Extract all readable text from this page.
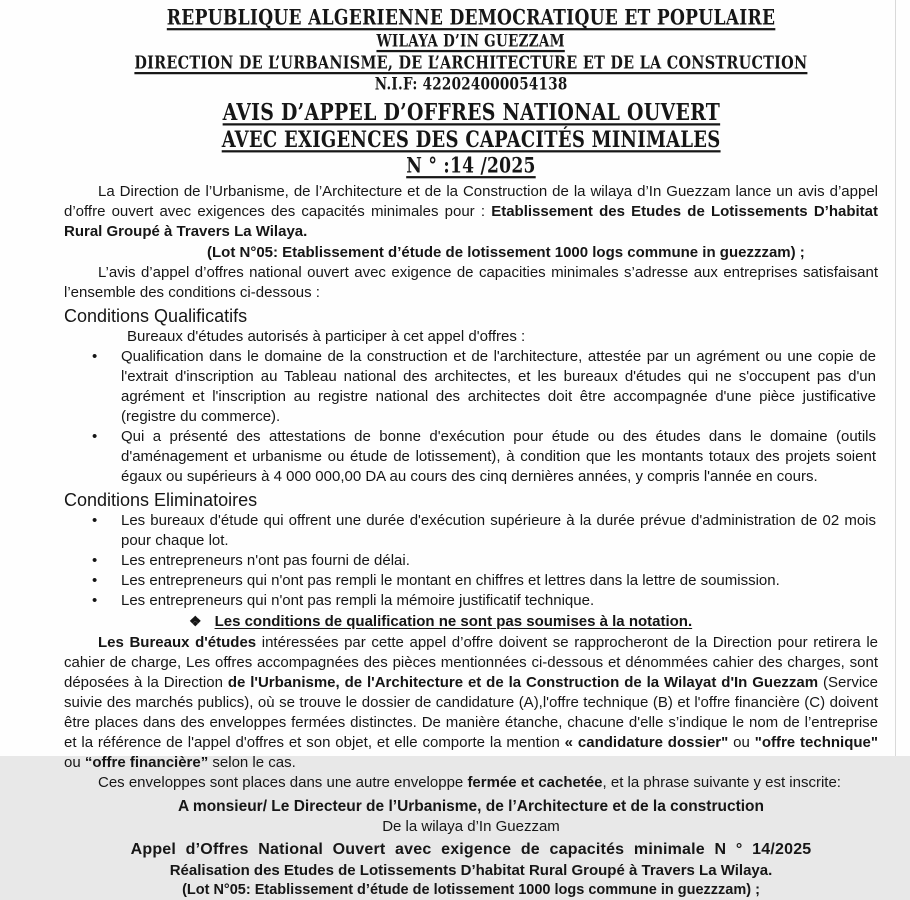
REPUBLIQUE ALGERIENNE DEMOCRATIQUE ET POPULAIRE
WILAYA D’IN GUEZZAM
DIRECTION DE L’URBANISME, DE L’ARCHITECTURE ET DE LA CONSTRUCTION
N.I.F: 422024000054138
AVIS D’APPEL D’OFFRES NATIONAL OUVERT
AVEC EXIGENCES DES CAPACITÉS MINIMALES
N ° :14 /2025

La Direction de l’Urbanisme, de l’Architecture et de la Construction de la wilaya d’In Guezzam lance un avis d’appel d’offre ouvert avec exigences des capacités minimales pour : Etablissement des Etudes de Lotissements D’habitat Rural Groupé à Travers La Wilaya.

(Lot N°05: Etablissement d’étude de lotissement 1000 logs commune in guezzzam) ;

L’avis d’appel d’offres national ouvert avec exigence de capacities minimales s’adresse aux entreprises satisfaisant l’ensemble des conditions ci-dessous :

Conditions Qualificatifs
Bureaux d'études autorisés à participer à cet appel d'offres :
• Qualification dans le domaine de la construction et de l'architecture, attestée par un agrément ou une copie de l'extrait d'inscription au Tableau national des architectes, et les bureaux d'études qui ne s'occupent pas d'un agrément et l'inscription au registre national des architectes doit être accompagnée d'une pièce justificative (registre du commerce).
• Qui a présenté des attestations de bonne d'exécution pour étude ou des études dans le domaine (outils d'aménagement et urbanisme ou étude de lotissement), à condition que les montants totaux des projets soient égaux ou supérieurs à 4 000 000,00 DA au cours des cinq dernières années, y compris l'année en cours.
Conditions Eliminatoires
• Les bureaux d'étude qui offrent une durée d'exécution supérieure à la durée prévue d'administration de 02 mois pour chaque lot.
• Les entrepreneurs n'ont pas fourni de délai.
• Les entrepreneurs qui n'ont pas rempli le montant en chiffres et lettres dans la lettre de soumission.
• Les entrepreneurs qui n'ont pas rempli la mémoire justificatif technique.
❖ Les conditions de qualification ne sont pas soumises à la notation.

Les Bureaux d'études intéressées par cette appel d’offre doivent se rapprocheront de la Direction pour retirera le cahier de charge, Les offres accompagnées des pièces mentionnées ci-dessous et dénommées cahier des charges, sont déposées à la Direction de l'Urbanisme, de l'Architecture et de la Construction de la Wilayat d'In Guezzam (Service suivie des marchés publics), où se trouve le dossier de candidature (A),l'offre technique (B) et l'offre financière (C) doivent être places dans des enveloppes fermées distinctes. De manière étanche, chacune d'elle s’indique le nom de l’entreprise et la référence de l'appel d'offres et son objet, et elle comporte la mention « candidature dossier" ou "offre technique" ou “offre financière” selon le cas.

Ces enveloppes sont places dans une autre enveloppe fermée et cachetée, et la phrase suivante y est inscrite:

A monsieur/ Le Directeur de l’Urbanisme, de l’Architecture et de la construction
De la wilaya d’In Guezzam
Appel d’Offres National Ouvert avec exigence de capacités minimale N ° 14/2025
Réalisation des Etudes de Lotissements D’habitat Rural Groupé à Travers La Wilaya.
(Lot N°05: Etablissement d’étude de lotissement 1000 logs commune in guezzzam) ;
